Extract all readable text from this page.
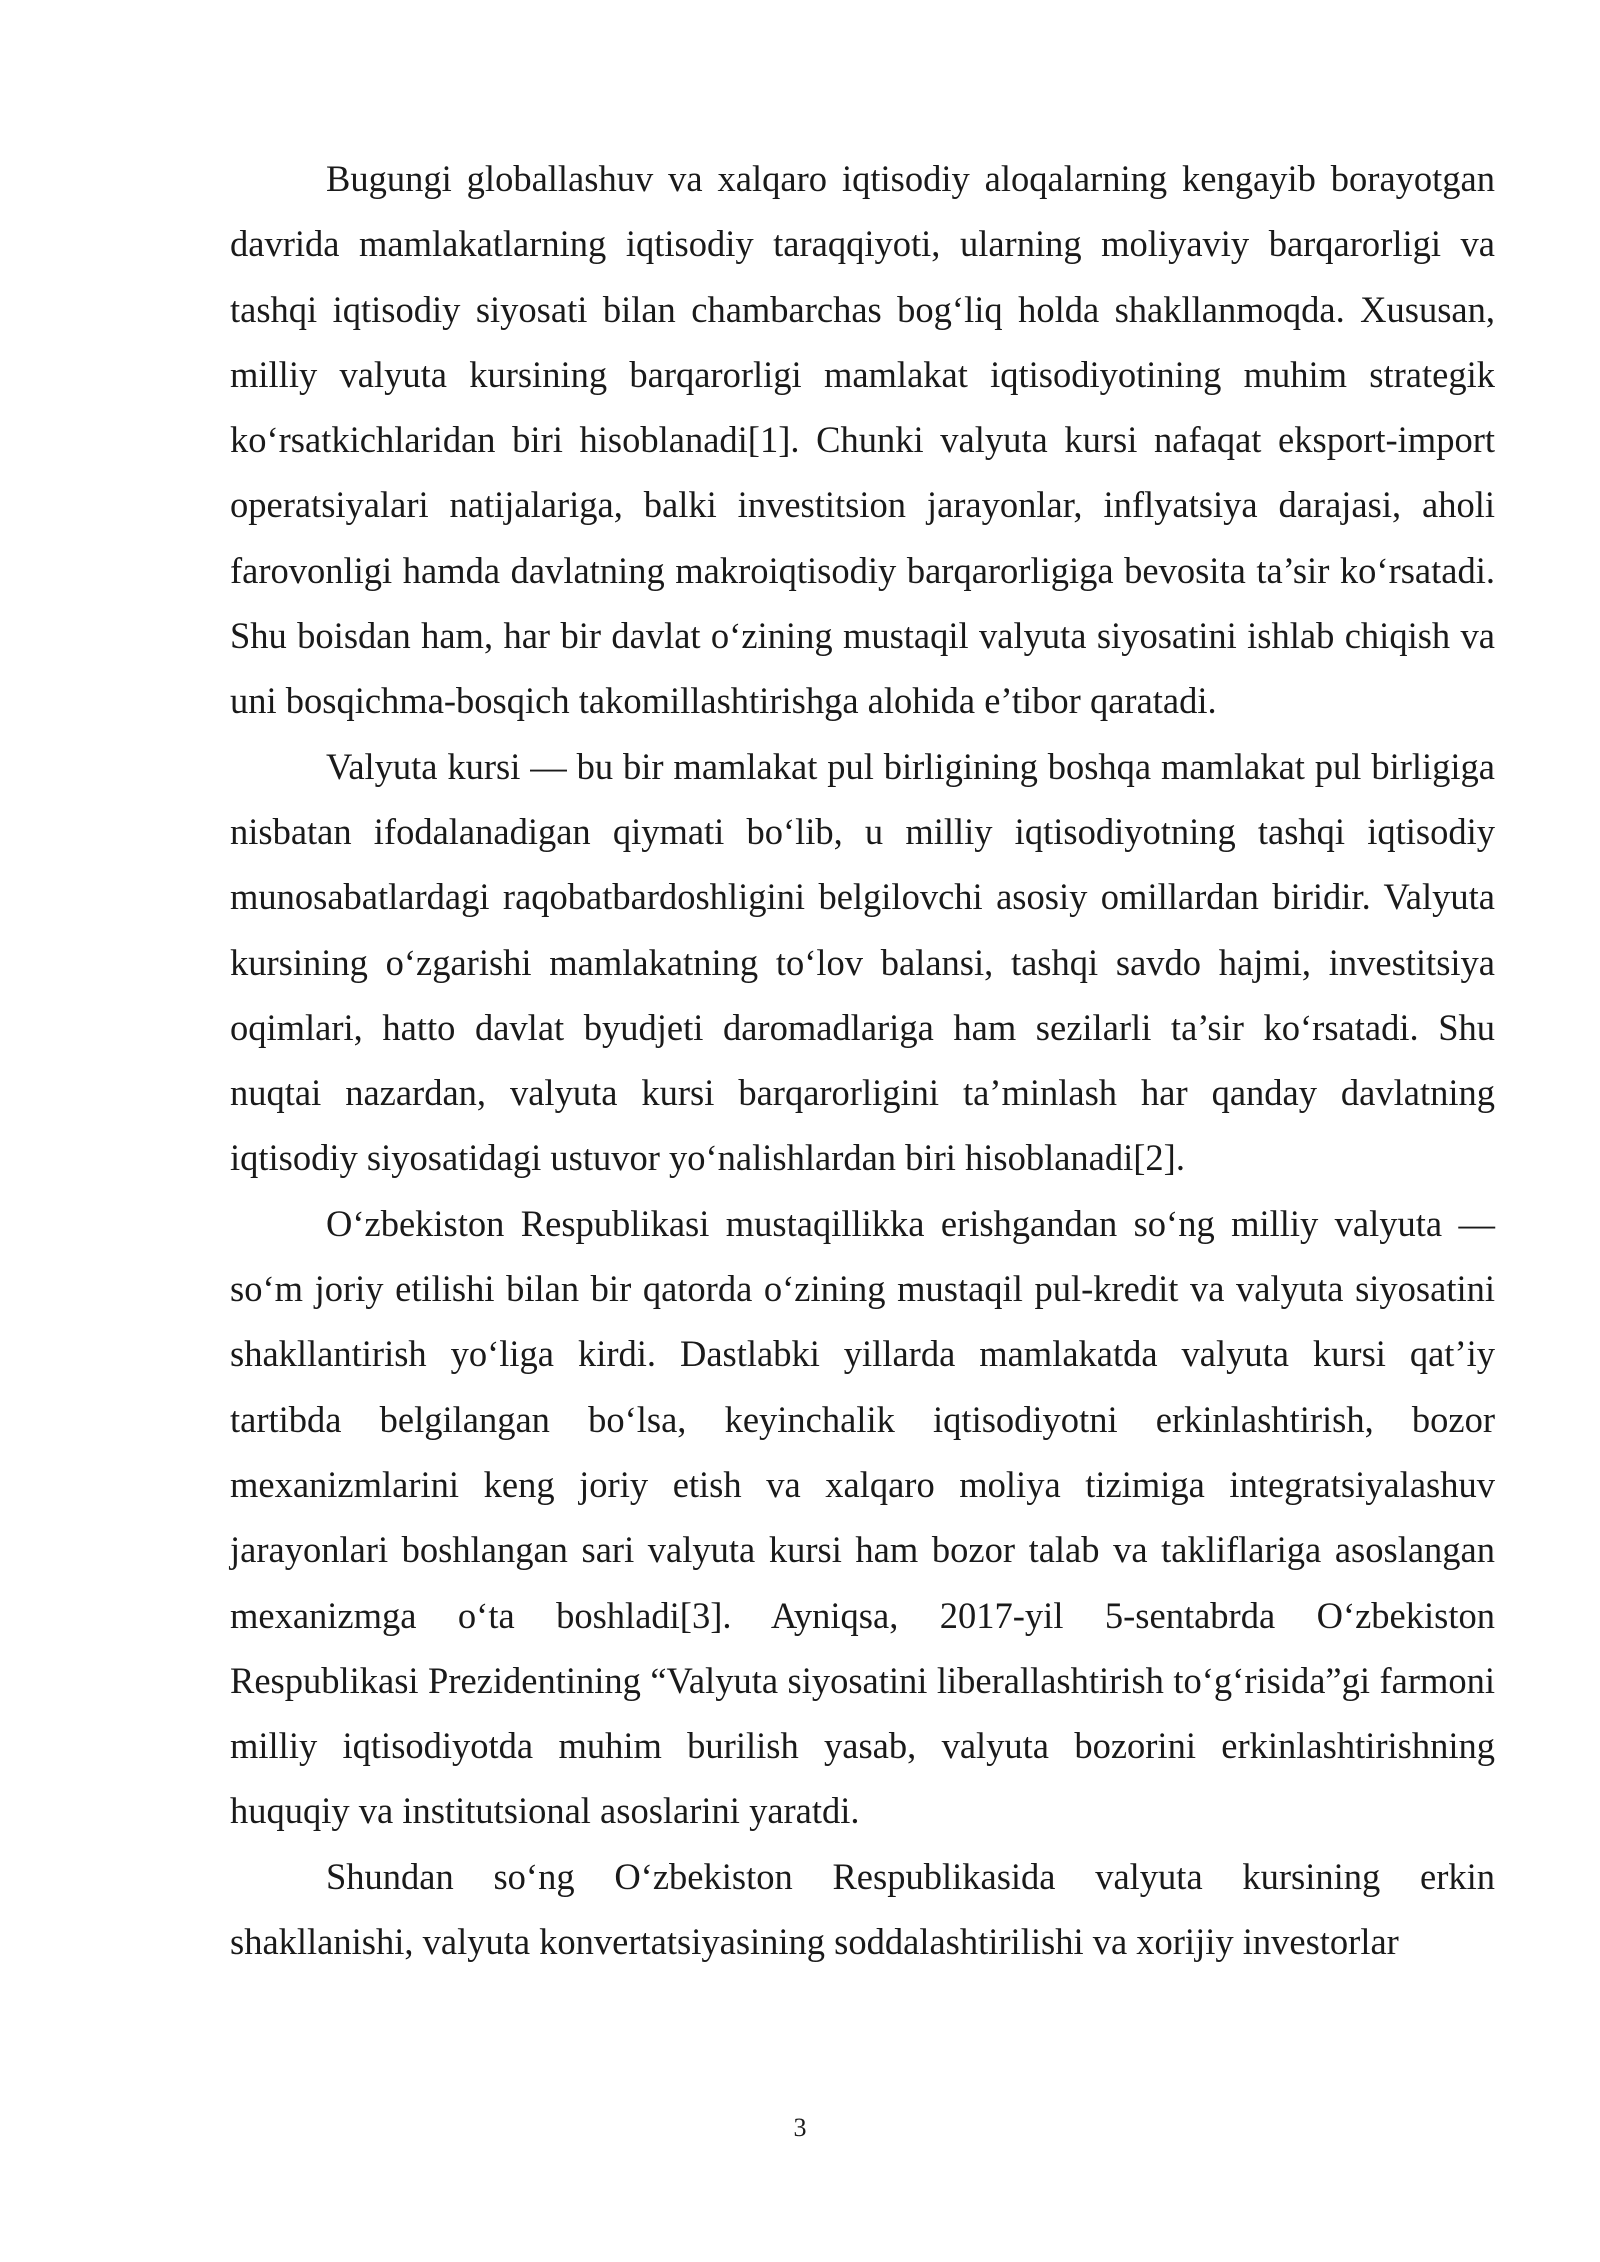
Bugungi globallashuv va xalqaro iqtisodiy aloqalarning kengayib borayotgan davrida mamlakatlarning iqtisodiy taraqqiyoti, ularning moliyaviy barqarorligi va tashqi iqtisodiy siyosati bilan chambarchas bog‘liq holda shakllanmoqda. Xususan, milliy valyuta kursining barqarorligi mamlakat iqtisodiyotining muhim strategik ko‘rsatkichlaridan biri hisoblanadi[1]. Chunki valyuta kursi nafaqat eksport-import operatsiyalari natijalariga, balki investitsion jarayonlar, inflyatsiya darajasi, aholi farovonligi hamda davlatning makroiqtisodiy barqarorligiga bevosita ta’sir ko‘rsatadi. Shu boisdan ham, har bir davlat o‘zining mustaqil valyuta siyosatini ishlab chiqish va uni bosqichma-bosqich takomillashtirishga alohida e’tibor qaratadi.

Valyuta kursi — bu bir mamlakat pul birligining boshqa mamlakat pul birligiga nisbatan ifodalanadigan qiymati bo‘lib, u milliy iqtisodiyotning tashqi iqtisodiy munosabatlardagi raqobatbardoshligini belgilovchi asosiy omillardan biridir. Valyuta kursining o‘zgarishi mamlakatning to‘lov balansi, tashqi savdo hajmi, investitsiya oqimlari, hatto davlat byudjeti daromadlariga ham sezilarli ta’sir ko‘rsatadi. Shu nuqtai nazardan, valyuta kursi barqarorligini ta’minlash har qanday davlatning iqtisodiy siyosatidagi ustuvor yo‘nalishlardan biri hisoblanadi[2].

O‘zbekiston Respublikasi mustaqillikka erishgandan so‘ng milliy valyuta — so‘m joriy etilishi bilan bir qatorda o‘zining mustaqil pul-kredit va valyuta siyosatini shakllantirish yo‘liga kirdi. Dastlabki yillarda mamlakatda valyuta kursi qat’iy tartibda belgilangan bo‘lsa, keyinchalik iqtisodiyotni erkinlashtirish, bozor mexanizmlarini keng joriy etish va xalqaro moliya tizimiga integratsiyalashuv jarayonlari boshlangan sari valyuta kursi ham bozor talab va takliflariga asoslangan mexanizmga o‘ta boshladi[3]. Ayniqsa, 2017-yil 5-sentabrda O‘zbekiston Respublikasi Prezidentining “Valyuta siyosatini liberallashtirish to‘g‘risida”gi farmoni milliy iqtisodiyotda muhim burilish yasab, valyuta bozorini erkinlashtirishning huquqiy va institutsional asoslarini yaratdi.

Shundan so‘ng O‘zbekiston Respublikasida valyuta kursining erkin shakllanishi, valyuta konvertatsiyasining soddalashtirilishi va xorijiy investorlar

3
